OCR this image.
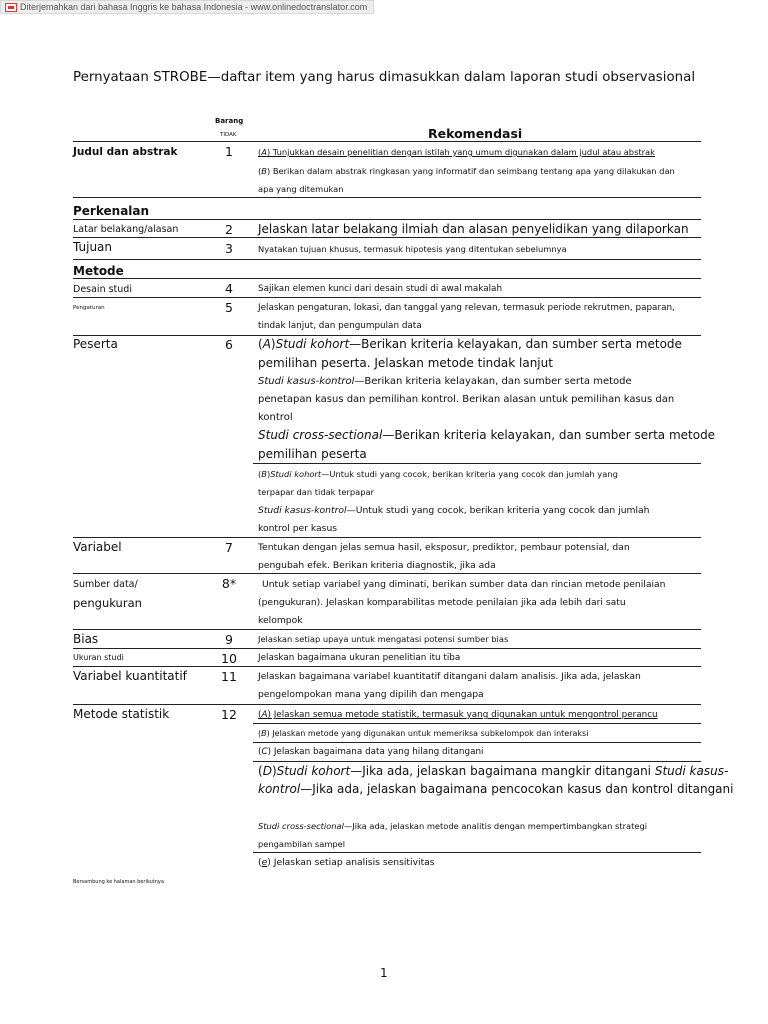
Diterjemahkan dari bahasa Inggris ke bahasa Indonesia - www.onlinedoctranslator.com
Pernyataan STROBE—daftar item yang harus dimasukkan dalam laporan studi observasional
Barang
TIDAK	Rekomendasi
Judul dan abstrak	1	(A) Tunjukkan desain penelitian dengan istilah yang umum digunakan dalam judul atau abstrak
(B) Berikan dalam abstrak ringkasan yang informatif dan seimbang tentang apa yang dilakukan dan
apa yang ditemukan
Perkenalan
Latar belakang/alasan	2 Jelaskan latar belakang ilmiah dan alasan penyelidikan yang dilaporkan
Tujuan	3	Nyatakan tujuan khusus, termasuk hipotesis yang ditentukan sebelumnya
Metode
Desain studi	4	Sajikan elemen kunci dari desain studi di awal makalah
Pengaturan	5	Jelaskan pengaturan, lokasi, dan tanggal yang relevan, termasuk periode rekrutmen, paparan,
tindak lanjut, dan pengumpulan data
Peserta	6 (A)Studi kohort—Berikan kriteria kelayakan, dan sumber serta metode
pemilihan peserta. Jelaskan metode tindak lanjut
Studi kasus-kontrol—Berikan kriteria kelayakan, dan sumber serta metode
penetapan kasus dan pemilihan kontrol. Berikan alasan untuk pemilihan kasus dan
kontrol
Studi cross-sectional—Berikan kriteria kelayakan, dan sumber serta metode
pemilihan peserta
(B)Studi kohort—Untuk studi yang cocok, berikan kriteria yang cocok dan jumlah yang
terpapar dan tidak terpapar
Studi kasus-kontrol—Untuk studi yang cocok, berikan kriteria yang cocok dan jumlah
kontrol per kasus
Variabel	7	Tentukan dengan jelas semua hasil, eksposur, prediktor, pembaur potensial, dan
pengubah efek. Berikan kriteria diagnostik, jika ada
Sumber data/
pengukuran
8*	Untuk setiap variabel yang diminati, berikan sumber data dan rincian metode penilaian
(pengukuran). Jelaskan komparabilitas metode penilaian jika ada lebih dari satu
kelompok
Bias	9	Jelaskan setiap upaya untuk mengatasi potensi sumber bias
Ukuran studi	10	Jelaskan bagaimana ukuran penelitian itu tiba
Variabel kuantitatif	11	Jelaskan bagaimana variabel kuantitatif ditangani dalam analisis. Jika ada, jelaskan
pengelompokan mana yang dipilih dan mengapa
Metode statistik	12	(A) Jelaskan semua metode statistik, termasuk yang digunakan untuk mengontrol perancu
(B) Jelaskan metode yang digunakan untuk memeriksa subkelompok dan interaksi
(C) Jelaskan bagaimana data yang hilang ditangani
(D)Studi kohort—Jika ada, jelaskan bagaimana mangkir ditangani Studi kasus-
kontrol—Jika ada, jelaskan bagaimana pencocokan kasus dan kontrol ditangani
Studi cross-sectional—Jika ada, jelaskan metode analitis dengan mempertimbangkan strategi
pengambilan sampel
(e) Jelaskan setiap analisis sensitivitas
Bersambung ke halaman berikutnya
1
